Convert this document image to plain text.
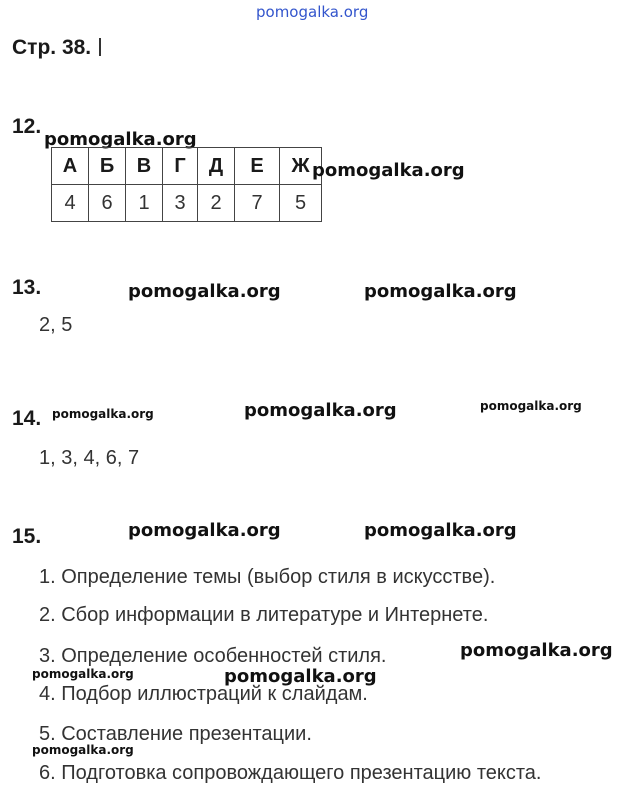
pomogalka.org
Стр. 38.
12.
pomogalka.org
А	Б	В	Г	Д	Е	Ж
4	6	1	3	2	7	5
pomogalka.org
13.	pomogalka.org	pomogalka.org
2, 5
14. pomogalka.org	pomogalka.org	pomogalka.org
1, 3, 4, 6, 7
15.	pomogalka.org	pomogalka.org
1. Определение темы (выбор стиля в искусстве).
2. Сбор информации в литературе и Интернете.
3. Определение особенностей стиля.	pomogalka.org
pomogalka.org	pomogalka.org
4. Подбор иллюстраций к слайдам.
5. Составление презентации.
pomogalka.org
6. Подготовка сопровождающего презентацию текста.
